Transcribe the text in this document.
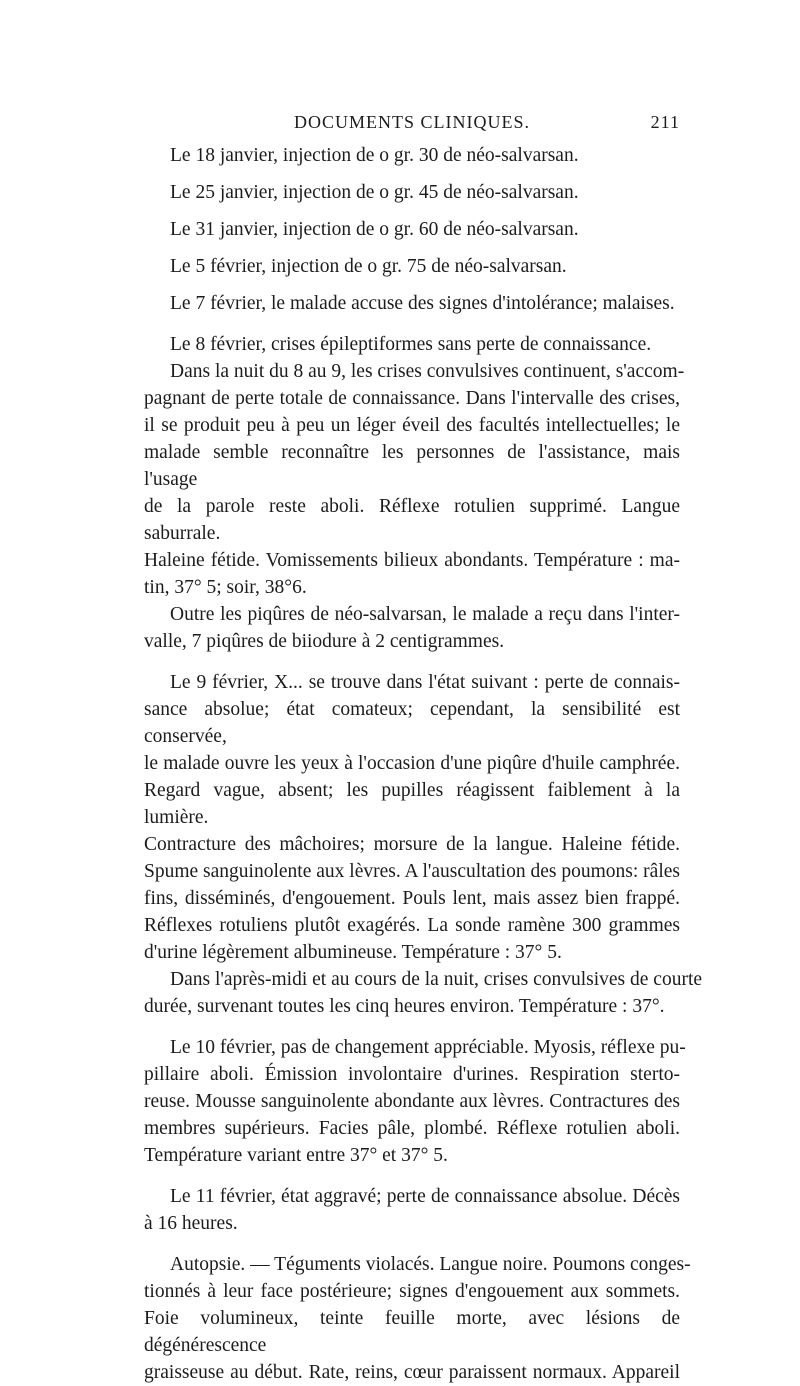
DOCUMENTS CLINIQUES.	211
Le 18 janvier, injection de o gr. 30 de néo-salvarsan.
Le 25 janvier, injection de o gr. 45 de néo-salvarsan.
Le 31 janvier, injection de o gr. 60 de néo-salvarsan.
Le 5 février, injection de o gr. 75 de néo-salvarsan.
Le 7 février, le malade accuse des signes d'intolérance; malaises.
Le 8 février, crises épileptiformes sans perte de connaissance.
Dans la nuit du 8 au 9, les crises convulsives continuent, s'accom-
pagnant de perte totale de connaissance. Dans l'intervalle des crises,
il se produit peu à peu un léger éveil des facultés intellectuelles; le
malade semble reconnaître les personnes de l'assistance, mais l'usage
de la parole reste aboli. Réflexe rotulien supprimé. Langue saburrale.
Haleine fétide. Vomissements bilieux abondants. Température : ma-
tin, 37° 5; soir, 38°6.
Outre les piqûres de néo-salvarsan, le malade a reçu dans l'inter-
valle, 7 piqûres de biiodure à 2 centigrammes.
Le 9 février, X... se trouve dans l'état suivant : perte de connais-
sance absolue; état comateux; cependant, la sensibilité est conservée,
le malade ouvre les yeux à l'occasion d'une piqûre d'huile camphrée.
Regard vague, absent; les pupilles réagissent faiblement à la lumière.
Contracture des mâchoires; morsure de la langue. Haleine fétide.
Spume sanguinolente aux lèvres. A l'auscultation des poumons: râles
fins, disséminés, d'engouement. Pouls lent, mais assez bien frappé.
Réflexes rotuliens plutôt exagérés. La sonde ramène 300 grammes
d'urine légèrement albumineuse. Température : 37° 5.
Dans l'après-midi et au cours de la nuit, crises convulsives de courte
durée, survenant toutes les cinq heures environ. Température : 37°.
Le 10 février, pas de changement appréciable. Myosis, réflexe pu-
pillaire aboli. Émission involontaire d'urines. Respiration sterto-
reuse. Mousse sanguinolente abondante aux lèvres. Contractures des
membres supérieurs. Facies pâle, plombé. Réflexe rotulien aboli.
Température variant entre 37° et 37° 5.
Le 11 février, état aggravé; perte de connaissance absolue. Décès
à 16 heures.
Autopsie. — Téguments violacés. Langue noire. Poumons conges-
tionnés à leur face postérieure; signes d'engouement aux sommets.
Foie volumineux, teinte feuille morte, avec lésions de dégénérescence
graisseuse au début. Rate, reins, cœur paraissent normaux. Appareil
